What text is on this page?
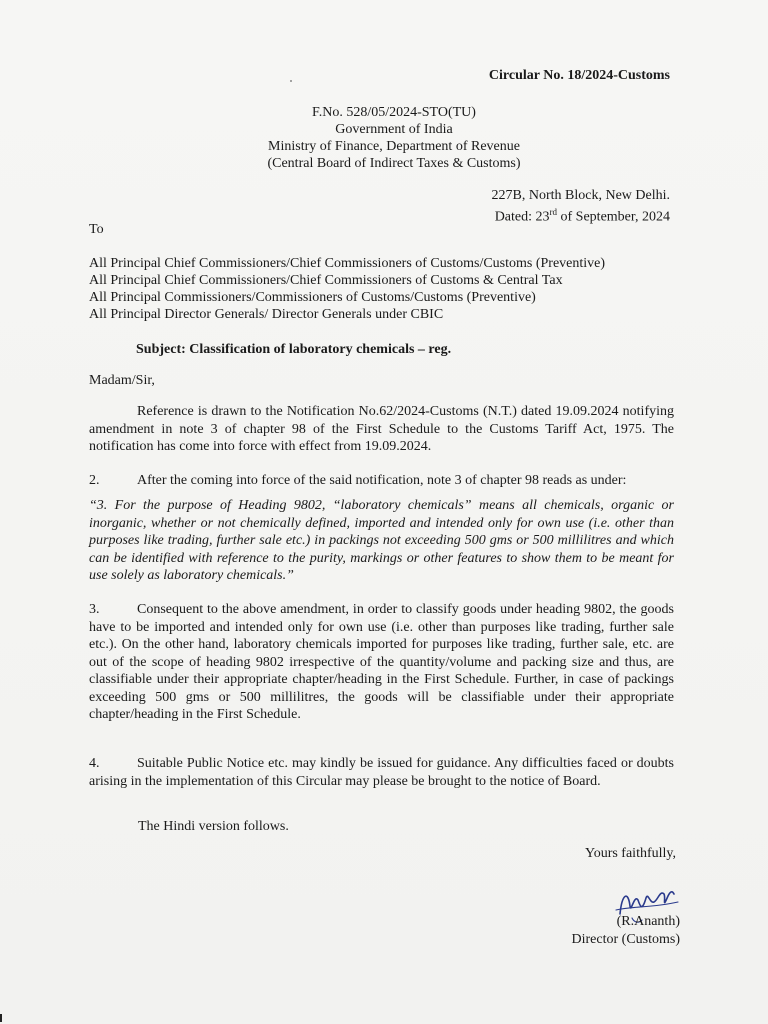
Circular No. 18/2024-Customs
F.No. 528/05/2024-STO(TU)
Government of India
Ministry of Finance, Department of Revenue
(Central Board of Indirect Taxes & Customs)
227B, North Block, New Delhi.
Dated: 23rd of September, 2024
To
All Principal Chief Commissioners/Chief Commissioners of Customs/Customs (Preventive)
All Principal Chief Commissioners/Chief Commissioners of Customs & Central Tax
All Principal Commissioners/Commissioners of Customs/Customs (Preventive)
All Principal Director Generals/ Director Generals under CBIC
Subject: Classification of laboratory chemicals – reg.
Madam/Sir,
Reference is drawn to the Notification No.62/2024-Customs (N.T.) dated 19.09.2024 notifying amendment in note 3 of chapter 98 of the First Schedule to the Customs Tariff Act, 1975. The notification has come into force with effect from 19.09.2024.
2.	After the coming into force of the said notification, note 3 of chapter 98 reads as under:
“3. For the purpose of Heading 9802, “laboratory chemicals” means all chemicals, organic or inorganic, whether or not chemically defined, imported and intended only for own use (i.e. other than purposes like trading, further sale etc.) in packings not exceeding 500 gms or 500 millilitres and which can be identified with reference to the purity, markings or other features to show them to be meant for use solely as laboratory chemicals.”
3.	Consequent to the above amendment, in order to classify goods under heading 9802, the goods have to be imported and intended only for own use (i.e. other than purposes like trading, further sale etc.). On the other hand, laboratory chemicals imported for purposes like trading, further sale, etc. are out of the scope of heading 9802 irrespective of the quantity/volume and packing size and thus, are classifiable under their appropriate chapter/heading in the First Schedule. Further, in case of packings exceeding 500 gms or 500 millilitres, the goods will be classifiable under their appropriate chapter/heading in the First Schedule.
4.	Suitable Public Notice etc. may kindly be issued for guidance. Any difficulties faced or doubts arising in the implementation of this Circular may please be brought to the notice of Board.
The Hindi version follows.
Yours faithfully,
(R.Ananth)
Director (Customs)
